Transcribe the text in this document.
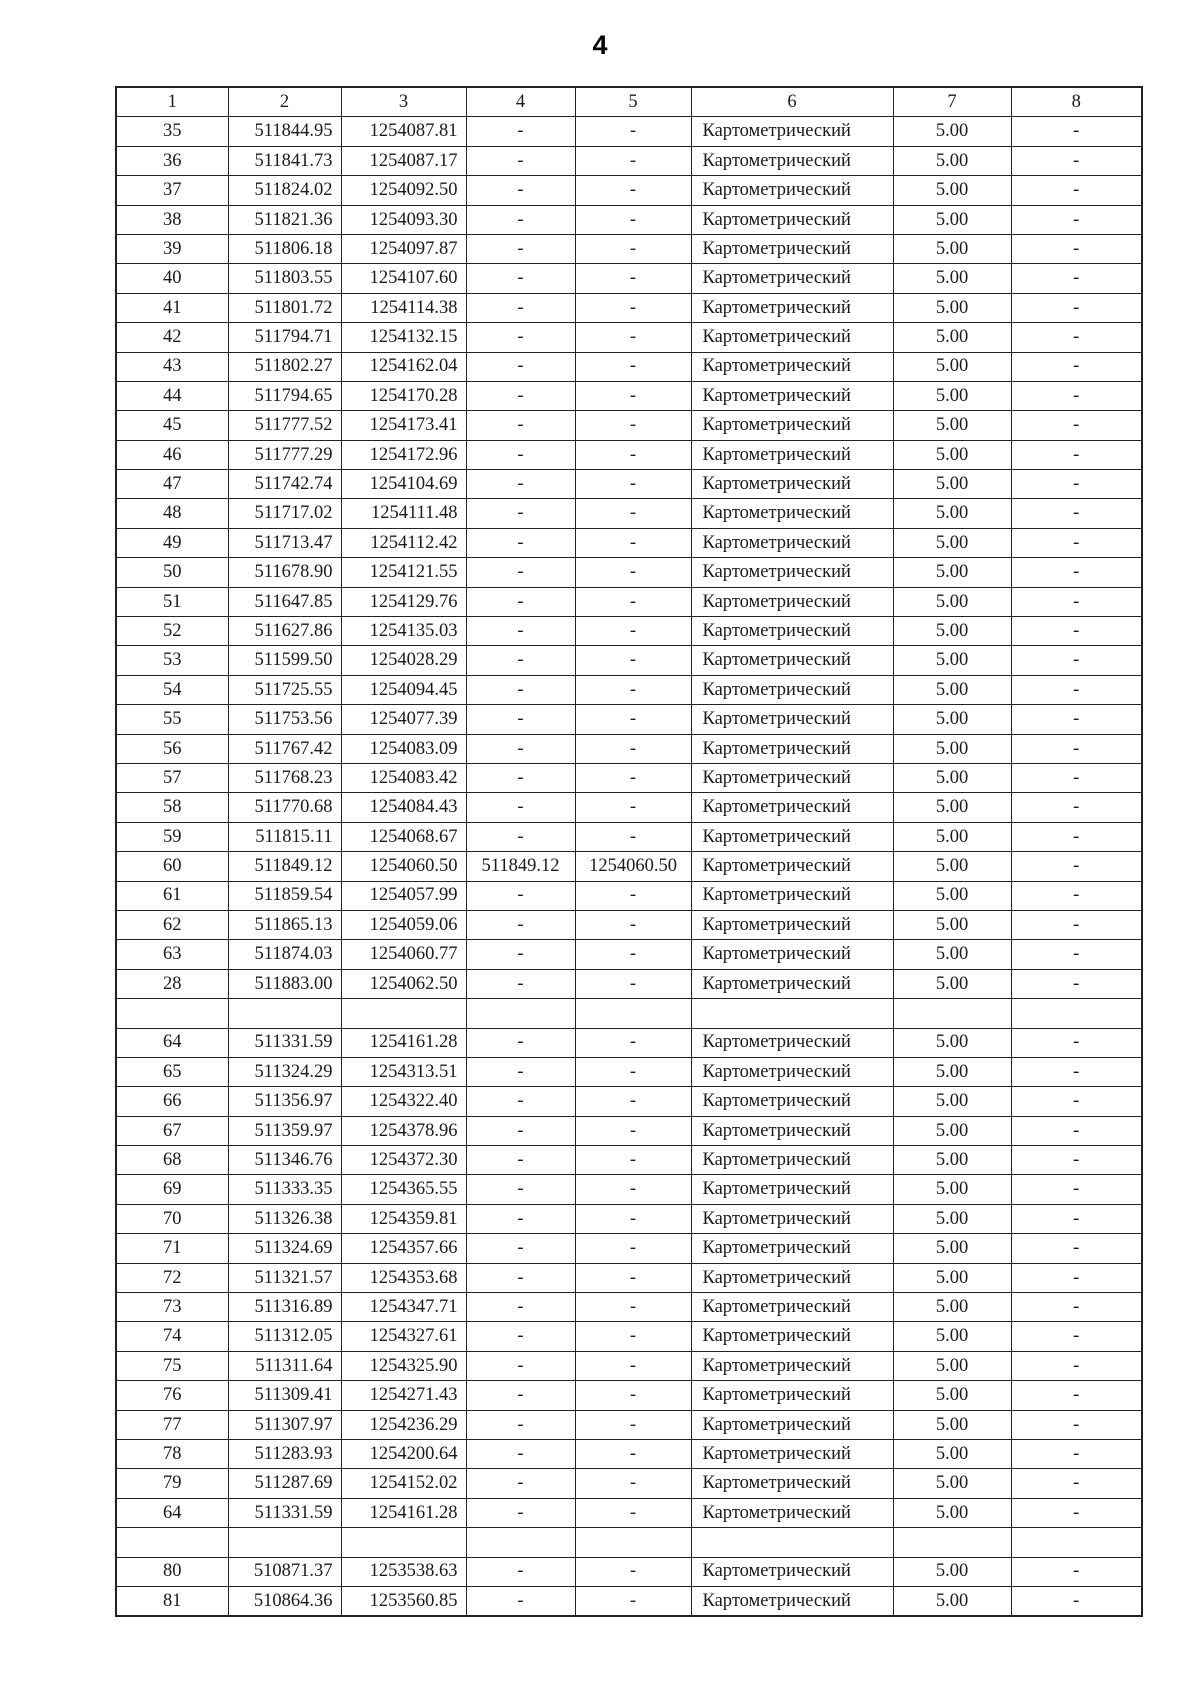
4
1	2	3	4	5	6	7	8
35	511844.95	1254087.81	-	-	Картометрический	5.00	-
36	511841.73	1254087.17	-	-	Картометрический	5.00	-
37	511824.02	1254092.50	-	-	Картометрический	5.00	-
38	511821.36	1254093.30	-	-	Картометрический	5.00	-
39	511806.18	1254097.87	-	-	Картометрический	5.00	-
40	511803.55	1254107.60	-	-	Картометрический	5.00	-
41	511801.72	1254114.38	-	-	Картометрический	5.00	-
42	511794.71	1254132.15	-	-	Картометрический	5.00	-
43	511802.27	1254162.04	-	-	Картометрический	5.00	-
44	511794.65	1254170.28	-	-	Картометрический	5.00	-
45	511777.52	1254173.41	-	-	Картометрический	5.00	-
46	511777.29	1254172.96	-	-	Картометрический	5.00	-
47	511742.74	1254104.69	-	-	Картометрический	5.00	-
48	511717.02	1254111.48	-	-	Картометрический	5.00	-
49	511713.47	1254112.42	-	-	Картометрический	5.00	-
50	511678.90	1254121.55	-	-	Картометрический	5.00	-
51	511647.85	1254129.76	-	-	Картометрический	5.00	-
52	511627.86	1254135.03	-	-	Картометрический	5.00	-
53	511599.50	1254028.29	-	-	Картометрический	5.00	-
54	511725.55	1254094.45	-	-	Картометрический	5.00	-
55	511753.56	1254077.39	-	-	Картометрический	5.00	-
56	511767.42	1254083.09	-	-	Картометрический	5.00	-
57	511768.23	1254083.42	-	-	Картометрический	5.00	-
58	511770.68	1254084.43	-	-	Картометрический	5.00	-
59	511815.11	1254068.67	-	-	Картометрический	5.00	-
60	511849.12	1254060.50	511849.12	1254060.50	Картометрический	5.00	-
61	511859.54	1254057.99	-	-	Картометрический	5.00	-
62	511865.13	1254059.06	-	-	Картометрический	5.00	-
63	511874.03	1254060.77	-	-	Картометрический	5.00	-
28	511883.00	1254062.50	-	-	Картометрический	5.00	-

64	511331.59	1254161.28	-	-	Картометрический	5.00	-
65	511324.29	1254313.51	-	-	Картометрический	5.00	-
66	511356.97	1254322.40	-	-	Картометрический	5.00	-
67	511359.97	1254378.96	-	-	Картометрический	5.00	-
68	511346.76	1254372.30	-	-	Картометрический	5.00	-
69	511333.35	1254365.55	-	-	Картометрический	5.00	-
70	511326.38	1254359.81	-	-	Картометрический	5.00	-
71	511324.69	1254357.66	-	-	Картометрический	5.00	-
72	511321.57	1254353.68	-	-	Картометрический	5.00	-
73	511316.89	1254347.71	-	-	Картометрический	5.00	-
74	511312.05	1254327.61	-	-	Картометрический	5.00	-
75	511311.64	1254325.90	-	-	Картометрический	5.00	-
76	511309.41	1254271.43	-	-	Картометрический	5.00	-
77	511307.97	1254236.29	-	-	Картометрический	5.00	-
78	511283.93	1254200.64	-	-	Картометрический	5.00	-
79	511287.69	1254152.02	-	-	Картометрический	5.00	-
64	511331.59	1254161.28	-	-	Картометрический	5.00	-

80	510871.37	1253538.63	-	-	Картометрический	5.00	-
81	510864.36	1253560.85	-	-	Картометрический	5.00	-
